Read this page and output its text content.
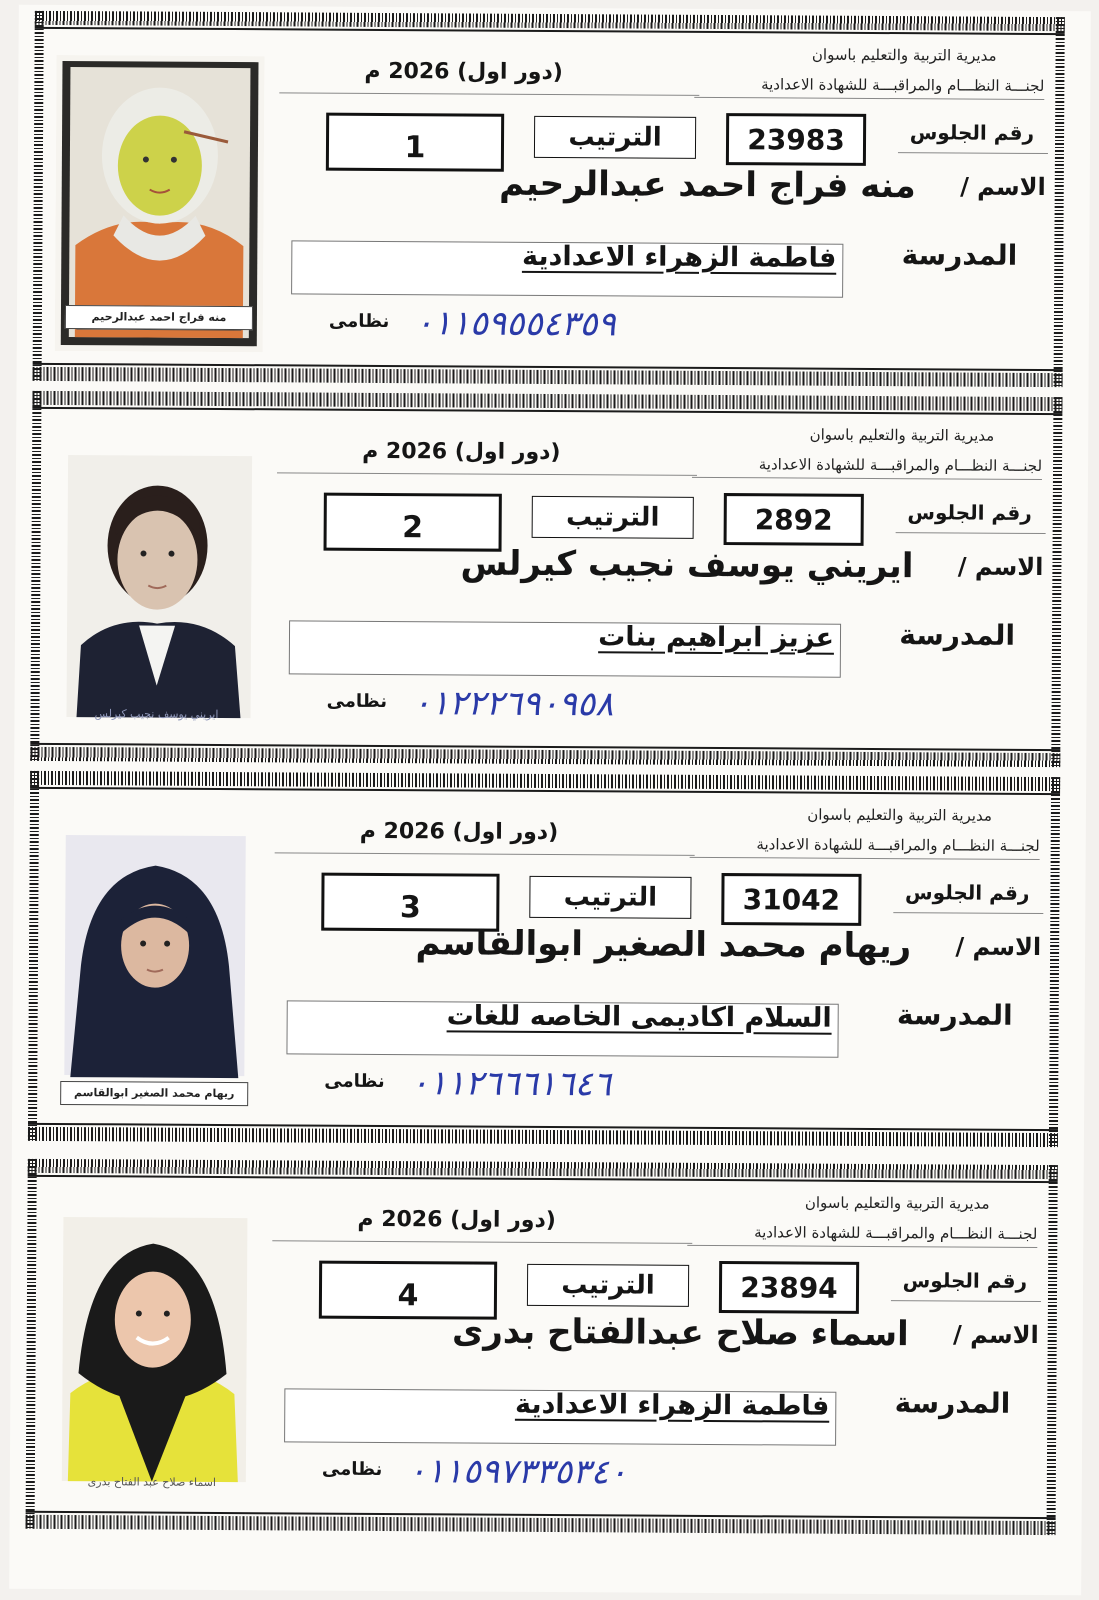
منه فراج احمد عبدالرحيم
مديرية التربية والتعليم باسوان
لجنـــة النظـــام والمراقبـــة للشهادة الاعدادية
(دور اول) 2026 م
1	الترتيب	23983	رقم الجلوس
الاسم /
منه فراج احمد عبدالرحيم
فاطمة الزهراء الاعدادية المدرسة
نظامى ٠١١٥٩٥٥٤٣٥٩
ايريني يوسف نجيب كيرلس
مديرية التربية والتعليم باسوان
لجنـــة النظـــام والمراقبـــة للشهادة الاعدادية
(دور اول) 2026 م
2	الترتيب	2892	رقم الجلوس
الاسم /
ايريني يوسف نجيب كيرلس
عزيز ابراهيم بنات المدرسة
نظامى ٠١٢٢٢٦٩٠٩٥٨
ريهام محمد الصغير ابوالقاسم
مديرية التربية والتعليم باسوان
لجنـــة النظـــام والمراقبـــة للشهادة الاعدادية
(دور اول) 2026 م
3	الترتيب	31042	رقم الجلوس
الاسم /
ريهام محمد الصغير ابوالقاسم
السلام اكاديمى الخاصه للغات المدرسة
نظامى ٠١١٢٦٦٦١٦٤٦
اسماء صلاح عبد الفتاح بدرى
مديرية التربية والتعليم باسوان
لجنـــة النظـــام والمراقبـــة للشهادة الاعدادية
(دور اول) 2026 م
4	الترتيب	23894	رقم الجلوس
الاسم /
اسماء صلاح عبدالفتاح بدرى
فاطمة الزهراء الاعدادية المدرسة
نظامى ٠١١٥٩٧٣٣٥٣٤٠
